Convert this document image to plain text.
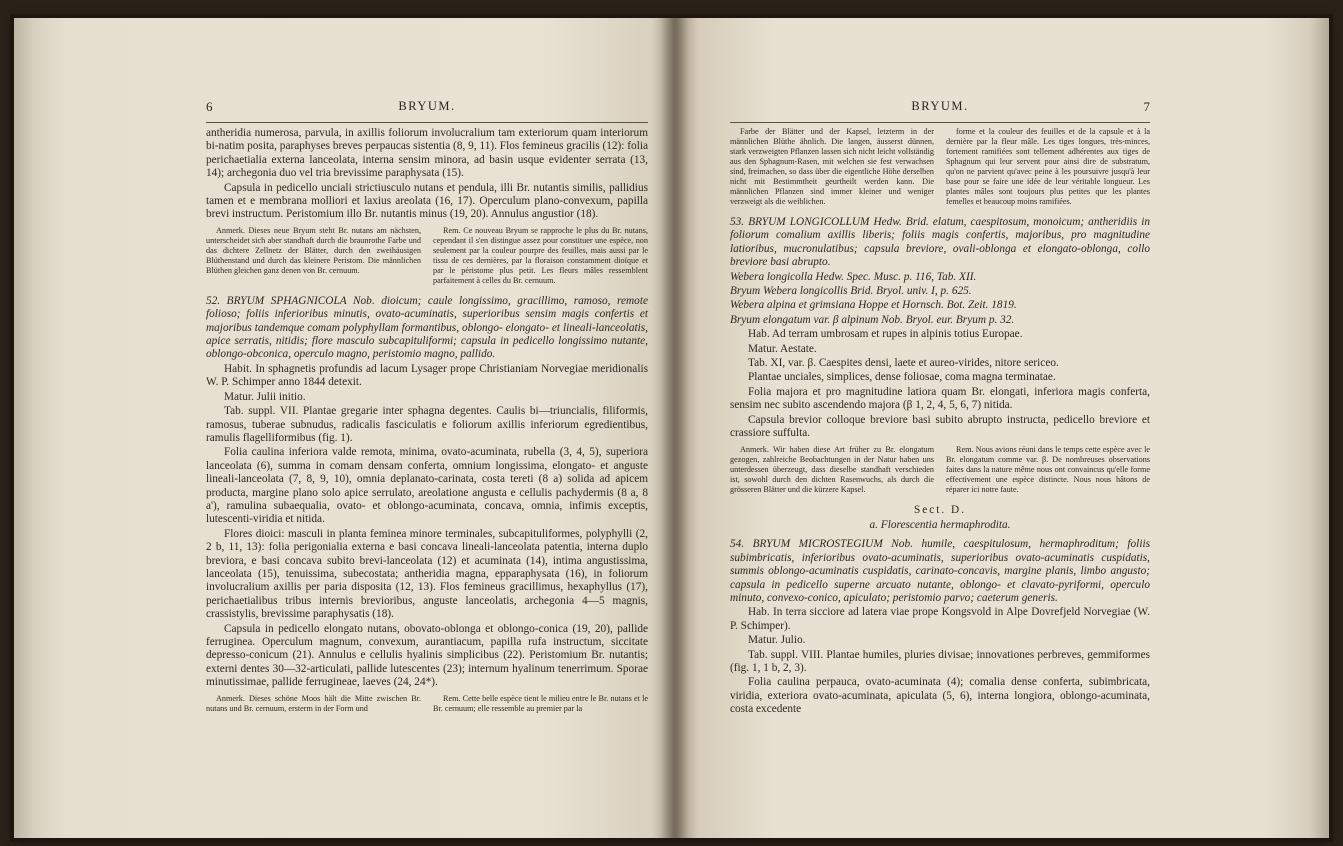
6	BRYUM.

antheridia numerosa, parvula, in axillis foliorum involucralium tam exteriorum quam interiorum bi-natim posita, paraphyses breves perpaucas sistentia (8, 9, 11). Flos femineus gracilis (12): folia perichaetialia externa lanceolata, interna sensim minora, ad basin usque evidenter serrata (13, 14); archegonia duo vel tria brevissime paraphysata (15).

Capsula in pedicello unciali strictiusculo nutans et pendula, illi Br. nutantis similis, pallidius tamen et e membrana molliori et laxius areolata (16, 17). Operculum plano-convexum, papilla brevi instructum. Peristomium illo Br. nutantis minus (19, 20). Annulus angustior (18).

Anmerk. Dieses neue Bryum steht Br. nutans am nächsten, unterscheidet sich aber standhaft durch die braunrothe Farbe und das dichtere Zellnetz der Blätter, durch den zweihäusigen Blüthenstand und durch das kleinere Peristom. Die männlichen Blüthen gleichen ganz denen von Br. cernuum.

Rem. Ce nouveau Bryum se rapproche le plus du Br. nutans, cependant il s'en distingue assez pour constituer une espèce, non seulement par la couleur pourpre des feuilles, mais aussi par le tissu de ces dernières, par la floraison constamment dioïque et par le péristome plus petit. Les fleurs mâles ressemblent parfaitement à celles du Br. cernuum.

52. BRYUM SPHAGNICOLA Nob. dioicum; caule longissimo, gracillimo, ramoso, remote folioso; foliis inferioribus minutis, ovato-acuminatis, superioribus sensim magis confertis et majoribus tandemque comam polyphyllam formantibus, oblongo- elongato- et lineali-lanceolatis, apice serratis, nitidis; flore masculo subcapituliformi; capsula in pedicello longissimo nutante, oblongo-obconica, operculo magno, peristomio magno, pallido.

Habit. In sphagnetis profundis ad lacum Lysager prope Christianiam Norvegiae meridionalis W. P. Schimper anno 1844 detexit.

Matur. Julii initio.

Tab. suppl. VII. Plantae gregarie inter sphagna degentes. Caulis bi—triuncialis, filiformis, ramosus, tuberae subnudus, radicalis fasciculatis e foliorum axillis inferiorum egredientibus, ramulis flagelliformibus (fig. 1).

Folia caulina inferiora valde remota, minima, ovato-acuminata, rubella (3, 4, 5), superiora lanceolata (6), summa in comam densam conferta, omnium longissima, elongato- et anguste lineali-lanceolata (7, 8, 9, 10), omnia deplanato-carinata, costa tereti (8 a) solida ad apicem producta, margine plano solo apice serrulato, areolatione angusta e cellulis pachydermis (8 a, 8 a'), ramulina subaequalia, ovato- et oblongo-acuminata, concava, omnia, infimis exceptis, lutescenti-viridia et nitida.

Flores dioici: masculi in planta feminea minore terminales, subcapituliformes, polyphylli (2, 2 b, 11, 13): folia perigonialia externa e basi concava lineali-lanceolata patentia, interna duplo breviora, e basi concava subito brevi-lanceolata (12) et acuminata (14), intima angustissima, lanceolata (15), tenuissima, subecostata; antheridia magna, epparaphysata (16), in foliorum involucralium axillis per paria disposita (12, 13). Flos femineus gracillimus, hexaphyllus (17), perichaetialibus tribus internis brevioribus, anguste lanceolatis, archegonia 4—5 magnis, crassistylis, brevissime paraphysatis (18).

Capsula in pedicello elongato nutans, obovato-oblonga et oblongo-conica (19, 20), pallide ferruginea. Operculum magnum, convexum, aurantiacum, papilla rufa instructum, siccitate depresso-conicum (21). Annulus e cellulis hyalinis simplicibus (22). Peristomium Br. nutantis; externi dentes 30—32-articulati, pallide lutescentes (23); internum hyalinum tenerrimum. Sporae minutissimae, pallide ferrugineae, laeves (24, 24*).

Anmerk. Dieses schöne Moos hält die Mitte zwischen Br. nutans und Br. cernuum, ersterm in der Form und

Rem. Cette belle espèce tient le milieu entre le Br. nutans et le Br. cernuum; elle ressemble au premier par la

BRYUM.	7

Farbe der Blätter und der Kapsel, letzterm in der männlichen Blüthe ähnlich. Die langen, äusserst dünnen, stark verzweigten Pflanzen lassen sich nicht leicht vollständig aus den Sphagnum-Rasen, mit welchen sie fest verwachsen sind, freimachen, so dass über die eigentliche Höhe derselben nicht mit Bestimmtheit geurtheilt werden kann. Die männlichen Pflanzen sind immer kleiner und weniger verzweigt als die weiblichen.

forme et la couleur des feuilles et de la capsule et à la dernière par la fleur mâle. Les tiges longues, très-minces, fortement ramifiées sont tellement adhérentes aux tiges de Sphagnum qui leur servent pour ainsi dire de substratum, qu'on ne parvient qu'avec peine à les poursuivre jusqu'à leur base pour se faire une idée de leur véritable longueur. Les plantes mâles sont toujours plus petites que les plantes femelles et beaucoup moins ramifiées.

53. BRYUM LONGICOLLUM Hedw. Brid. elatum, caespitosum, monoicum; antheridiis in foliorum comalium axillis liberis; foliis magis confertis, majoribus, pro magnitudine latioribus, mucronulatibus; capsula breviore, ovali-oblonga et elongato-oblonga, collo breviore basi abrupto.

Webera longicolla Hedw. Spec. Musc. p. 116, Tab. XII.

Bryum Webera longicollis Brid. Bryol. univ. I, p. 625.

Webera alpina et grimsiana Hoppe et Hornsch. Bot. Zeit. 1819.

Bryum elongatum var. β alpinum Nob. Bryol. eur. Bryum p. 32.

Hab. Ad terram umbrosam et rupes in alpinis totius Europae.

Matur. Aestate.

Tab. XI, var. β. Caespites densi, laete et aureo-virides, nitore sericeo.

Plantae unciales, simplices, dense foliosae, coma magna terminatae.

Folia majora et pro magnitudine latiora quam Br. elongati, inferiora magis conferta, sensim nec subito ascendendo majora (β 1, 2, 4, 5, 6, 7) nitida.

Capsula brevior colloque breviore basi subito abrupto instructa, pedicello breviore et crassiore suffulta.

Anmerk. Wir haben diese Art früher zu Br. elongatum gezogen, zahlreiche Beobachtungen in der Natur haben uns unterdessen überzeugt, dass dieselbe standhaft verschieden ist, sowohl durch den dichten Rasenwuchs, als durch die grösseren Blätter und die kürzere Kapsel.

Rem. Nous avions réuni dans le temps cette espèce avec le Br. elongatum comme var. β. De nombreuses observations faites dans la nature même nous ont convaincus qu'elle forme effectivement une espèce distincte. Nous nous hâtons de réparer ici notre faute.

Sect. D.
a. Florescentia hermaphrodita.

54. BRYUM MICROSTEGIUM Nob. humile, caespitulosum, hermaphroditum; foliis subimbricatis, inferioribus ovato-acuminatis, superioribus ovato-acuminatis cuspidatis, summis oblongo-acuminatis cuspidatis, carinato-concavis, margine planis, limbo angusto; capsula in pedicello superne arcuato nutante, oblongo- et clavato-pyriformi, operculo minuto, convexo-conico, apiculato; peristomio parvo; caeterum generis.

Hab. In terra sicciore ad latera viae prope Kongsvold in Alpe Dovrefjeld Norvegiae (W. P. Schimper).

Matur. Julio.

Tab. suppl. VIII. Plantae humiles, pluries divisae; innovationes perbreves, gemmiformes (fig. 1, 1 b, 2, 3).

Folia caulina perpauca, ovato-acuminata (4); comalia dense conferta, subimbricata, viridia, exteriora ovato-acuminata, apiculata (5, 6), interna longiora, oblongo-acuminata, costa excedente
